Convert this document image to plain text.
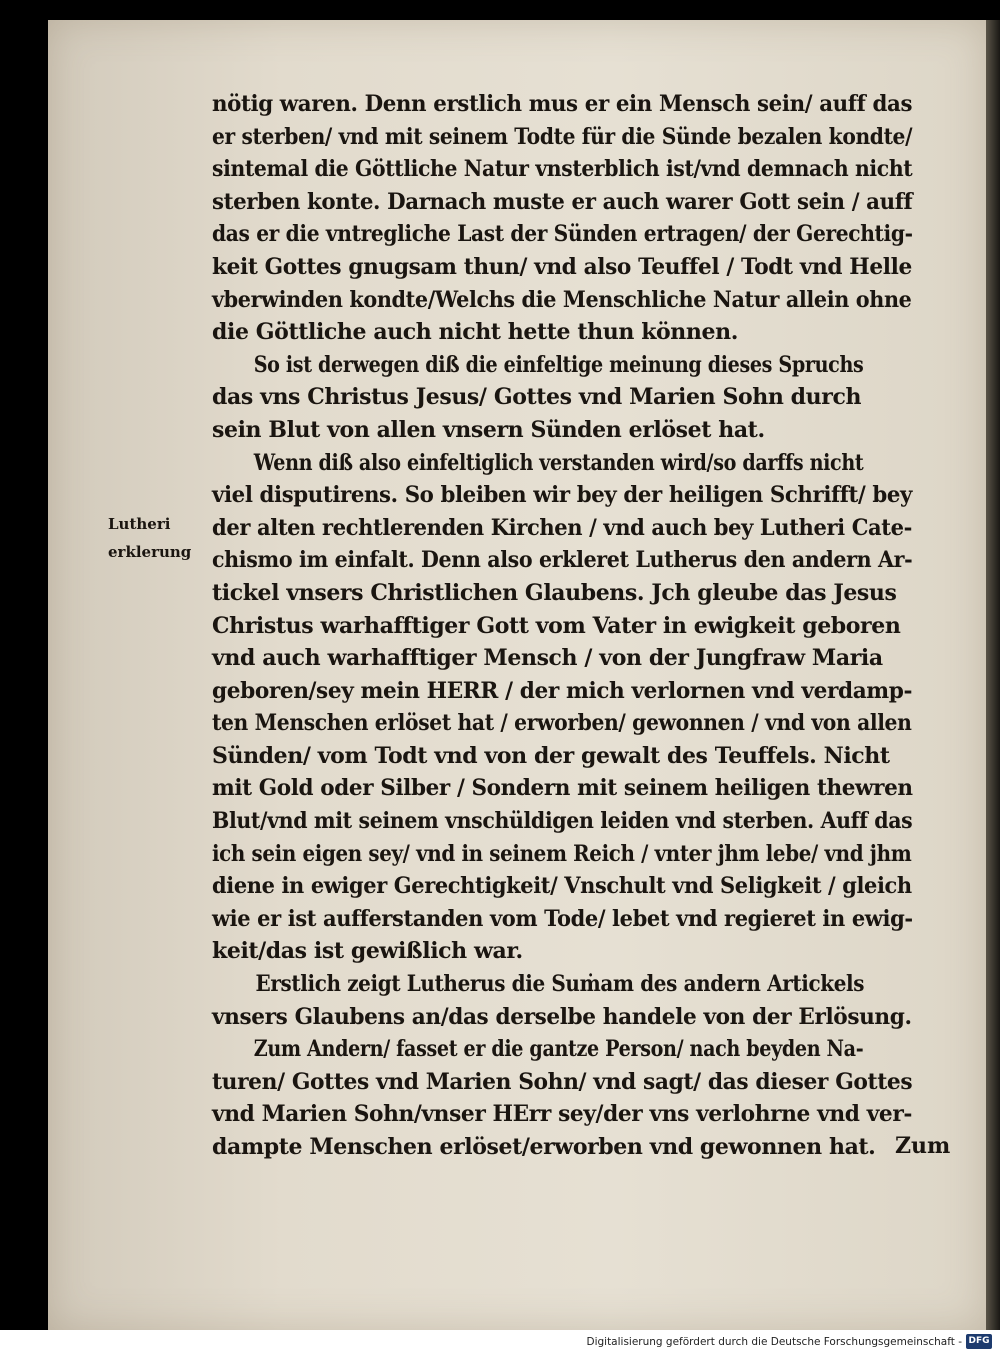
Lutheri
erklerung
nötig waren. Denn erstlich mus er ein Mensch sein/ auff das
er sterben/ vnd mit seinem Todte für die Sünde bezalen kondte/
sintemal die Göttliche Natur vnsterblich ist/vnd demnach nicht
sterben konte. Darnach muste er auch warer Gott sein / auff
das er die vntregliche Last der Sünden ertragen/ der Gerechtig-
keit Gottes gnugsam thun/ vnd also Teuffel / Todt vnd Helle
vberwinden kondte/Welchs die Menschliche Natur allein ohne
die Göttliche auch nicht hette thun können.
So ist derwegen diß die einfeltige meinung dieses Spruchs
das vns Christus Jesus/ Gottes vnd Marien Sohn durch
sein Blut von allen vnsern Sünden erlöset hat.
Wenn diß also einfeltiglich verstanden wird/so darffs nicht
viel disputirens. So bleiben wir bey der heiligen Schrifft/ bey
der alten rechtlerenden Kirchen / vnd auch bey Lutheri Cate-
chismo im einfalt. Denn also erkleret Lutherus den andern Ar-
tickel vnsers Christlichen Glaubens. Jch gleube das Jesus
Christus warhafftiger Gott vom Vater in ewigkeit geboren
vnd auch warhafftiger Mensch / von der Jungfraw Maria
geboren/sey mein HERR / der mich verlornen vnd verdamp-
ten Menschen erlöset hat / erworben/ gewonnen / vnd von allen
Sünden/ vom Todt vnd von der gewalt des Teuffels. Nicht
mit Gold oder Silber / Sondern mit seinem heiligen thewren
Blut/vnd mit seinem vnschüldigen leiden vnd sterben. Auff das
ich sein eigen sey/ vnd in seinem Reich / vnter jhm lebe/ vnd jhm
diene in ewiger Gerechtigkeit/ Vnschult vnd Seligkeit / gleich
wie er ist aufferstanden vom Tode/ lebet vnd regieret in ewig-
keit/das ist gewißlich war.
Erstlich zeigt Lutherus die Suṁam des andern Artickels
vnsers Glaubens an/das derselbe handele von der Erlösung.
Zum Andern/ fasset er die gantze Person/ nach beyden Na-
turen/ Gottes vnd Marien Sohn/ vnd sagt/ das dieser Gottes
vnd Marien Sohn/vnser HErr sey/der vns verlohrne vnd ver-
dampte Menschen erlöset/erworben vnd gewonnen hat. Zum
Digitalisierung gefördert durch die Deutsche Forschungsgemeinschaft - DFG
